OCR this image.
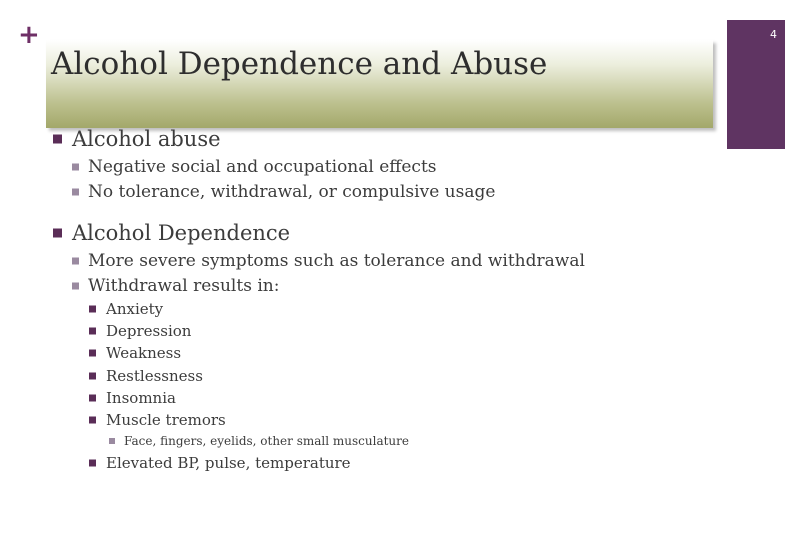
+
Alcohol Dependence and Abuse
4
Alcohol abuse
Negative social and occupational effects
No tolerance, withdrawal, or compulsive usage
Alcohol Dependence
More severe symptoms such as tolerance and withdrawal
Withdrawal results in:
Anxiety
Depression
Weakness
Restlessness
Insomnia
Muscle tremors
Face, fingers, eyelids, other small musculature
Elevated BP, pulse, temperature
